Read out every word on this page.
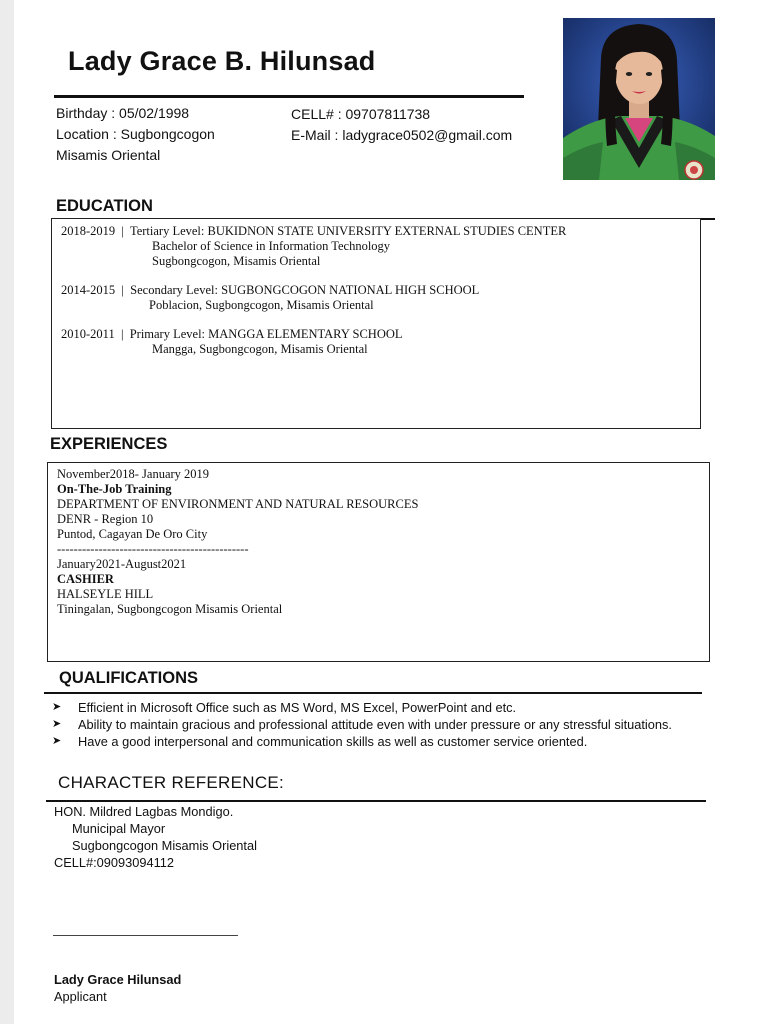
Lady Grace B. Hilunsad
Birthday : 05/02/1998
Location : Sugbongcogon
Misamis Oriental
CELL# : 09707811738
E-Mail : ladygrace0502@gmail.com
EDUCATION
2018-2019  |  Tertiary Level: BUKIDNON STATE UNIVERSITY EXTERNAL STUDIES CENTER
Bachelor of Science in Information Technology
Sugbongcogon, Misamis Oriental
2014-2015  |  Secondary Level: SUGBONGCOGON NATIONAL HIGH SCHOOL
Poblacion, Sugbongcogon, Misamis Oriental
2010-2011  |  Primary Level: MANGGA ELEMENTARY SCHOOL
Mangga, Sugbongcogon, Misamis Oriental
EXPERIENCES
November2018- January 2019
On-The-Job Training
DEPARTMENT OF ENVIRONMENT AND NATURAL RESOURCES
DENR - Region 10
Puntod, Cagayan De Oro City
----------------------------------------------
January2021-August2021
CASHIER
HALSEYLE HILL
Tiningalan, Sugbongcogon Misamis Oriental
QUALIFICATIONS
➤ Efficient in Microsoft Office such as MS Word, MS Excel, PowerPoint and etc.
➤ Ability to maintain gracious and professional attitude even with under pressure or any stressful situations.
➤ Have a good interpersonal and communication skills as well as customer service oriented.
CHARACTER REFERENCE:
HON. Mildred Lagbas Mondigo.
Municipal Mayor
Sugbongcogon Misamis Oriental
CELL#:09093094112
Lady Grace Hilunsad
Applicant
